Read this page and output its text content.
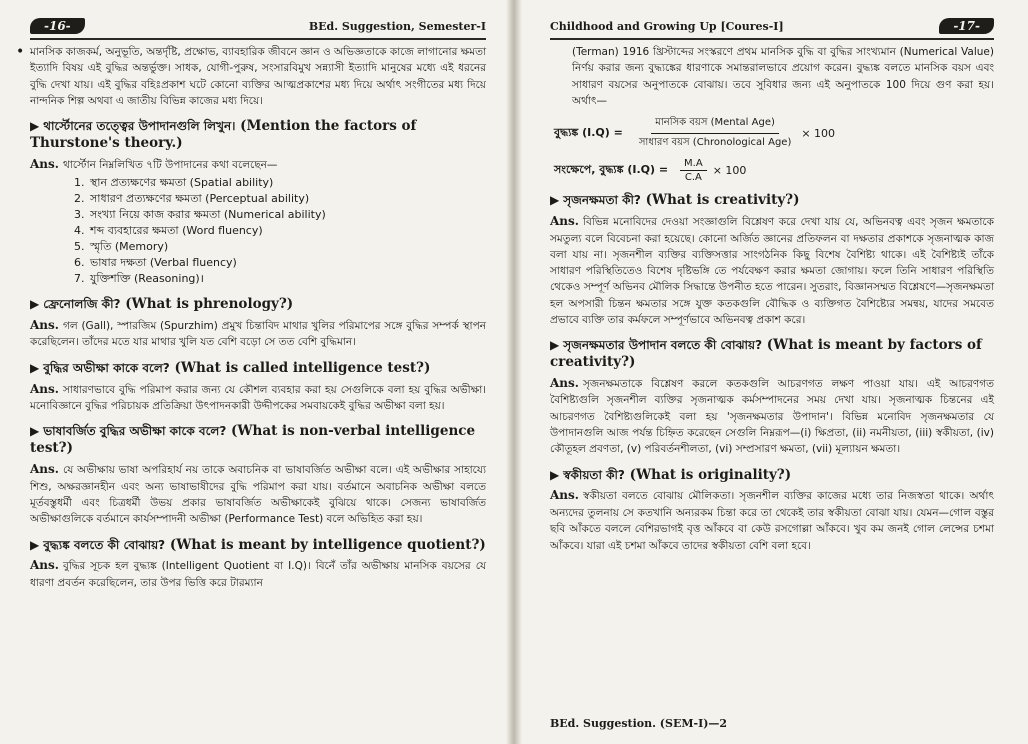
•
-16-	BEd. Suggestion, Semester-I
মানসিক কাজকর্ম, অনুভূতি, অন্তর্দৃষ্টি, প্রক্ষোভ, ব্যাবহারিক জীবনে জ্ঞান ও অভিজ্ঞতাকে কাজে লাগানোর ক্ষমতা ইত্যাদি বিষয় এই বুদ্ধির অন্তর্ভুক্ত। সাধক, যোগী-পুরুষ, সংসারবিমুখ সন্ন্যাসী ইত্যাদি মানুষের মধ্যে এই ধরনের বুদ্ধি দেখা যায়। এই বুদ্ধির বহিঃপ্রকাশ ঘটে কোনো ব্যক্তির আত্মপ্রকাশের মধ্য দিয়ে অর্থাৎ সংগীতের মধ্য দিয়ে নান্দনিক শিল্প অথবা এ জাতীয় বিভিন্ন কাজের মধ্য দিয়ে।
▶ থার্স্টোনের তত্ত্বের উপাদানগুলি লিখুন। (Mention the factors of Thurstone's theory.)
Ans. থার্স্টোন নিম্নলিখিত ৭টি উপাদানের কথা বলেছেন—
1. স্থান প্রত্যক্ষণের ক্ষমতা (Spatial ability)
2. সাধারণ প্রত্যক্ষণের ক্ষমতা (Perceptual ability)
3. সংখ্যা নিয়ে কাজ করার ক্ষমতা (Numerical ability)
4. শব্দ ব্যবহারের ক্ষমতা (Word fluency)
5. স্মৃতি (Memory)
6. ভাষার দক্ষতা (Verbal fluency)
7. যুক্তিশক্তি (Reasoning)।
▶ ফ্রেনোলজি কী? (What is phrenology?)
Ans. গল (Gall), স্পারজিম (Spurzhim) প্রমুখ চিন্তাবিদ মাথার খুলির পরিমাপের সঙ্গে বুদ্ধির সম্পর্ক স্থাপন করেছিলেন। তাঁদের মতে যার মাথার খুলি যত বেশি বড়ো সে তত বেশি বুদ্ধিমান।
▶ বুদ্ধির অভীক্ষা কাকে বলে? (What is called intelligence test?)
Ans. সাধারণভাবে বুদ্ধি পরিমাপ করার জন্য যে কৌশল ব্যবহার করা হয় সেগুলিকে বলা হয় বুদ্ধির অভীক্ষা। মনোবিজ্ঞানে বুদ্ধির পরিচায়ক প্রতিক্রিয়া উৎপাদনকারী উদ্দীপকের সমবায়কেই বুদ্ধির অভীক্ষা বলা হয়।
▶ ভাষাবর্জিত বুদ্ধির অভীক্ষা কাকে বলে? (What is non-verbal intelligence test?)
Ans. যে অভীক্ষায় ভাষা অপরিহার্য নয় তাকে অবাচনিক বা ভাষাবর্জিত অভীক্ষা বলে। এই অভীক্ষার সাহায্যে শিশু, অক্ষরজ্ঞানহীন এবং অন্য ভাষাভাষীদের বুদ্ধি পরিমাপ করা যায়। বর্তমানে অবাচনিক অভীক্ষা বলতে মূর্তবস্তুধর্মী এবং চিত্রধর্মী উভয় প্রকার ভাষাবর্জিত অভীক্ষাকেই বুঝিয়ে থাকে। সেজন্য ভাষাবর্জিত অভীক্ষাগুলিকে বর্তমানে কার্যসম্পাদনী অভীক্ষা (Performance Test) বলে অভিহিত করা হয়।
▶ বুদ্ধ্যঙ্ক বলতে কী বোঝায়? (What is meant by intelligence quotient?)
Ans. বুদ্ধির সূচক হল বুদ্ধ্যঙ্ক (Intelligent Quotient বা I.Q)। বিনেঁ তাঁর অভীক্ষায় মানসিক বয়সের যে ধারণা প্রবর্তন করেছিলেন, তার উপর ভিত্তি করে টারম্যান
Childhood and Growing Up [Coures-I]	-17-
(Terman) 1916 খ্রিস্টাব্দের সংস্করণে প্রথম মানসিক বুদ্ধি বা বুদ্ধির সাংখ্যমান (Numerical Value) নির্ণয় করার জন্য বুদ্ধ্যঙ্কের ধারণাকে সমান্তরালভাবে প্রয়োগ করেন। বুদ্ধ্যঙ্ক বলতে মানসিক বয়স এবং সাধারণ বয়সের অনুপাতকে বোঝায়। তবে সুবিধার জন্য এই অনুপাতকে 100 দিয়ে গুণ করা হয়। অর্থাৎ—
বুদ্ধ্যঙ্ক $(I.Q) = \frac{\text{মানসিক বয়স (Mental Age)}}{\text{সাধারণ বয়স (Chronological Age)}} \times 100$
সংক্ষেপে, বুদ্ধ্যঙ্ক $(I.Q) = \frac{M.A}{C.A} \times 100$
▶ সৃজনক্ষমতা কী? (What is creativity?)
Ans. বিভিন্ন মনোবিদের দেওয়া সংজ্ঞাগুলি বিশ্লেষণ করে দেখা যায় যে, অভিনবত্ব এবং সৃজন ক্ষমতাকে সমতুল্য বলে বিবেচনা করা হয়েছে। কোনো অর্জিত জ্ঞানের প্রতিফলন বা দক্ষতার প্রকাশকে সৃজনাত্মক কাজ বলা যায় না। সৃজনশীল ব্যক্তির ব্যক্তিসত্তার সাংগঠনিক কিছু বিশেষ বৈশিষ্ট্য থাকে। এই বৈশিষ্ট্যই তাঁকে সাধারণ পরিস্থিতিতেও বিশেষ দৃষ্টিভঙ্গি তে পর্যবেক্ষণ করার ক্ষমতা জোগায়। ফলে তিনি সাধারণ পরিস্থিতি থেকেও সম্পূর্ণ অভিনব মৌলিক সিদ্ধান্তে উপনীত হতে পারেন। সুতরাং, বিজ্ঞানসম্মত বিশ্লেষণে—সৃজনক্ষমতা হল অপসারী চিন্তন ক্ষমতার সঙ্গে যুক্ত কতকগুলি বৌদ্ধিক ও ব্যক্তিগত বৈশিষ্ট্যের সমন্বয়, যাদের সমবেত প্রভাবে ব্যক্তি তার কর্মফলে সম্পূর্ণভাবে অভিনবত্ব প্রকাশ করে।
▶ সৃজনক্ষমতার উপাদান বলতে কী বোঝায়? (What is meant by factors of creativity?)
Ans. সৃজনক্ষমতাকে বিশ্লেষণ করলে কতকগুলি আচরণগত লক্ষণ পাওয়া যায়। এই আচরণগত বৈশিষ্ট্যগুলি সৃজনশীল ব্যক্তির সৃজনাত্মক কর্মসম্পাদনের সময় দেখা যায়। সৃজনাত্মক চিন্তনের এই আচরণগত বৈশিষ্ট্যগুলিকেই বলা হয় 'সৃজনক্ষমতার উপাদান'। বিভিন্ন মনোবিদ সৃজনক্ষমতার যে উপাদানগুলি আজ পর্যন্ত চিহ্নিত করেছেন সেগুলি নিম্নরূপ—(i) ক্ষিপ্রতা, (ii) নমনীয়তা, (iii) স্বকীয়তা, (iv) কৌতূহল প্রবণতা, (v) পরিবর্তনশীলতা, (vi) সম্প্রসারণ ক্ষমতা, (vii) মূল্যায়ন ক্ষমতা।
▶ স্বকীয়তা কী? (What is originality?)
Ans. স্বকীয়তা বলতে বোঝায় মৌলিকতা। সৃজনশীল ব্যক্তির কাজের মধ্যে তার নিজস্বতা থাকে। অর্থাৎ অন্যদের তুলনায় সে কতখানি অন্যরকম চিন্তা করে তা থেকেই তার স্বকীয়তা বোঝা যায়। যেমন—গোল বস্তুর ছবি আঁকতে বললে বেশিরভাগই বৃত্ত আঁকবে বা কেউ রসগোল্লা আঁকবে। খুব কম জনই গোল লেন্সের চশমা আঁকবে। যারা এই চশমা আঁকবে তাদের স্বকীয়তা বেশি বলা হবে।
BEd. Suggestion. (SEM-I)—2
